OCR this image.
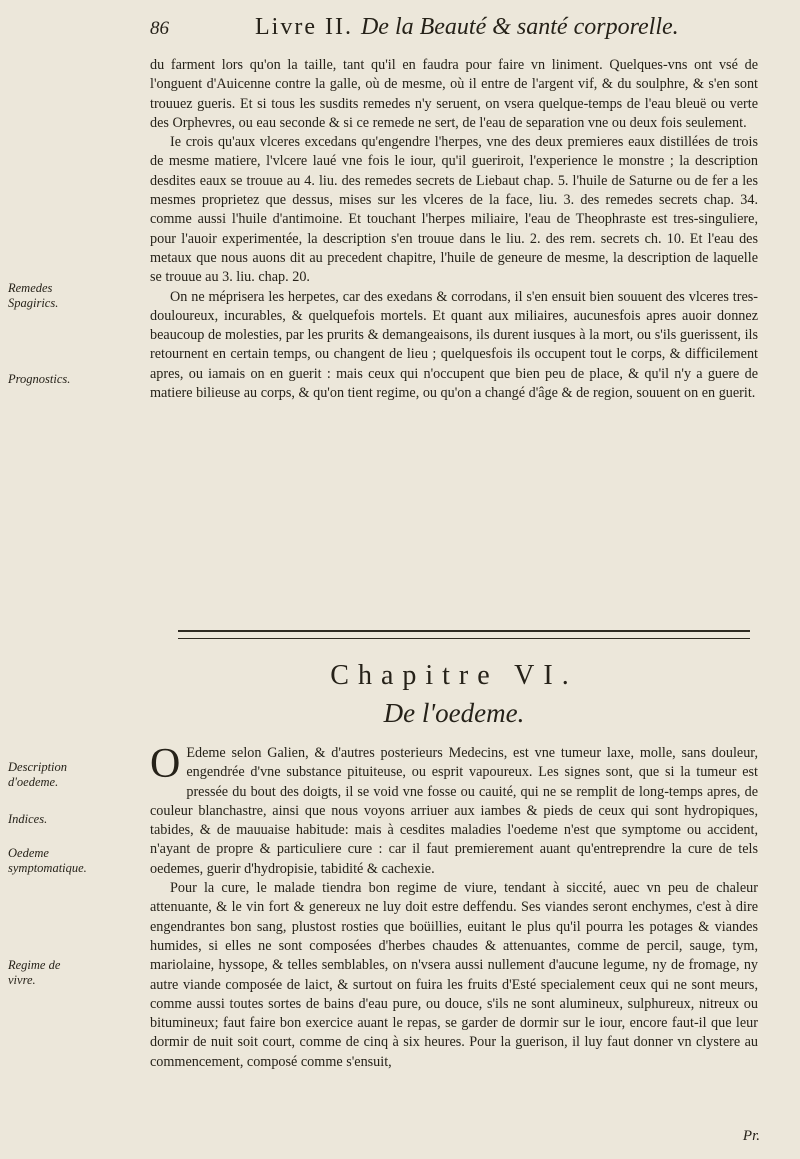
86	Livre II. De la Beauté & santé corporelle.
Remedes Spagirics.
Prognostics.
Description d'oedeme.
Indices.
Oedeme symptomatique.
Regime de vivre.

du farment lors qu'on la taille, tant qu'il en faudra pour faire vn liniment. Quelques-vns ont vsé de l'onguent d'Auicenne contre la galle, où de mesme, où il entre de l'argent vif, & du soulphre, & s'en sont trouuez gueris. Et si tous les susdits remedes n'y seruent, on vsera quelque-temps de l'eau bleuë ou verte des Orphevres, ou eau seconde & si ce remede ne sert, de l'eau de separation vne ou deux fois seulement.

Ie crois qu'aux vlceres excedans qu'engendre l'herpes, vne des deux premieres eaux distillées de trois de mesme matiere, l'vlcere laué vne fois le iour, qu'il gueriroit, l'experience le monstre ; la description desdites eaux se trouue au 4. liu. des remedes secrets de Liebaut chap. 5. l'huile de Saturne ou de fer a les mesmes proprietez que dessus, mises sur les vlceres de la face, liu. 3. des remedes secrets chap. 34. comme aussi l'huile d'antimoine. Et touchant l'herpes miliaire, l'eau de Theophraste est tres-singuliere, pour l'auoir experimentée, la description s'en trouue dans le liu. 2. des rem. secrets ch. 10. Et l'eau des metaux que nous auons dit au precedent chapitre, l'huile de geneure de mesme, la description de laquelle se trouue au 3. liu. chap. 20.

On ne méprisera les herpetes, car des exedans & corrodans, il s'en ensuit bien souuent des vlceres tres-douloureux, incurables, & quelquefois mortels. Et quant aux miliaires, aucunesfois apres auoir donnez beaucoup de molesties, par les prurits & demangeaisons, ils durent iusques à la mort, ou s'ils guerissent, ils retournent en certain temps, ou changent de lieu ; quelquesfois ils occupent tout le corps, & difficilement apres, ou iamais on en guerit : mais ceux qui n'occupent que bien peu de place, & qu'il n'y a guere de matiere bilieuse au corps, & qu'on tient regime, ou qu'on a changé d'âge & de region, souuent on en guerit.

Chapitre VI.
De l'oedeme.

O Edeme selon Galien, & d'autres posterieurs Medecins, est vne tumeur laxe, molle, sans douleur, engendrée d'vne substance pituiteuse, ou esprit vapoureux. Les signes sont, que si la tumeur est pressée du bout des doigts, il se void vne fosse ou cauité, qui ne se remplit de long-temps apres, de couleur blanchastre, ainsi que nous voyons arriuer aux iambes & pieds de ceux qui sont hydropiques, tabides, & de mauuaise habitude: mais à cesdites maladies l'oedeme n'est que symptome ou accident, n'ayant de propre & particuliere cure : car il faut premierement auant qu'entreprendre la cure de tels oedemes, guerir d'hydropisie, tabidité & cachexie.

Pour la cure, le malade tiendra bon regime de viure, tendant à siccité, auec vn peu de chaleur attenuante, & le vin fort & genereux ne luy doit estre deffendu. Ses viandes seront enchymes, c'est à dire engendrantes bon sang, plustost rosties que boüillies, euitant le plus qu'il pourra les potages & viandes humides, si elles ne sont composées d'herbes chaudes & attenuantes, comme de percil, sauge, tym, mariolaine, hyssope, & telles semblables, on n'vsera aussi nullement d'aucune legume, ny de fromage, ny autre viande composée de laict, & surtout on fuira les fruits d'Esté specialement ceux qui ne sont meurs, comme aussi toutes sortes de bains d'eau pure, ou douce, s'ils ne sont alumineux, sulphureux, nitreux ou bitumineux; faut faire bon exercice auant le repas, se garder de dormir sur le iour, encore faut-il que leur dormir de nuit soit court, comme de cinq à six heures. Pour la guerison, il luy faut donner vn clystere au commencement, composé comme s'ensuit,

Pr.
